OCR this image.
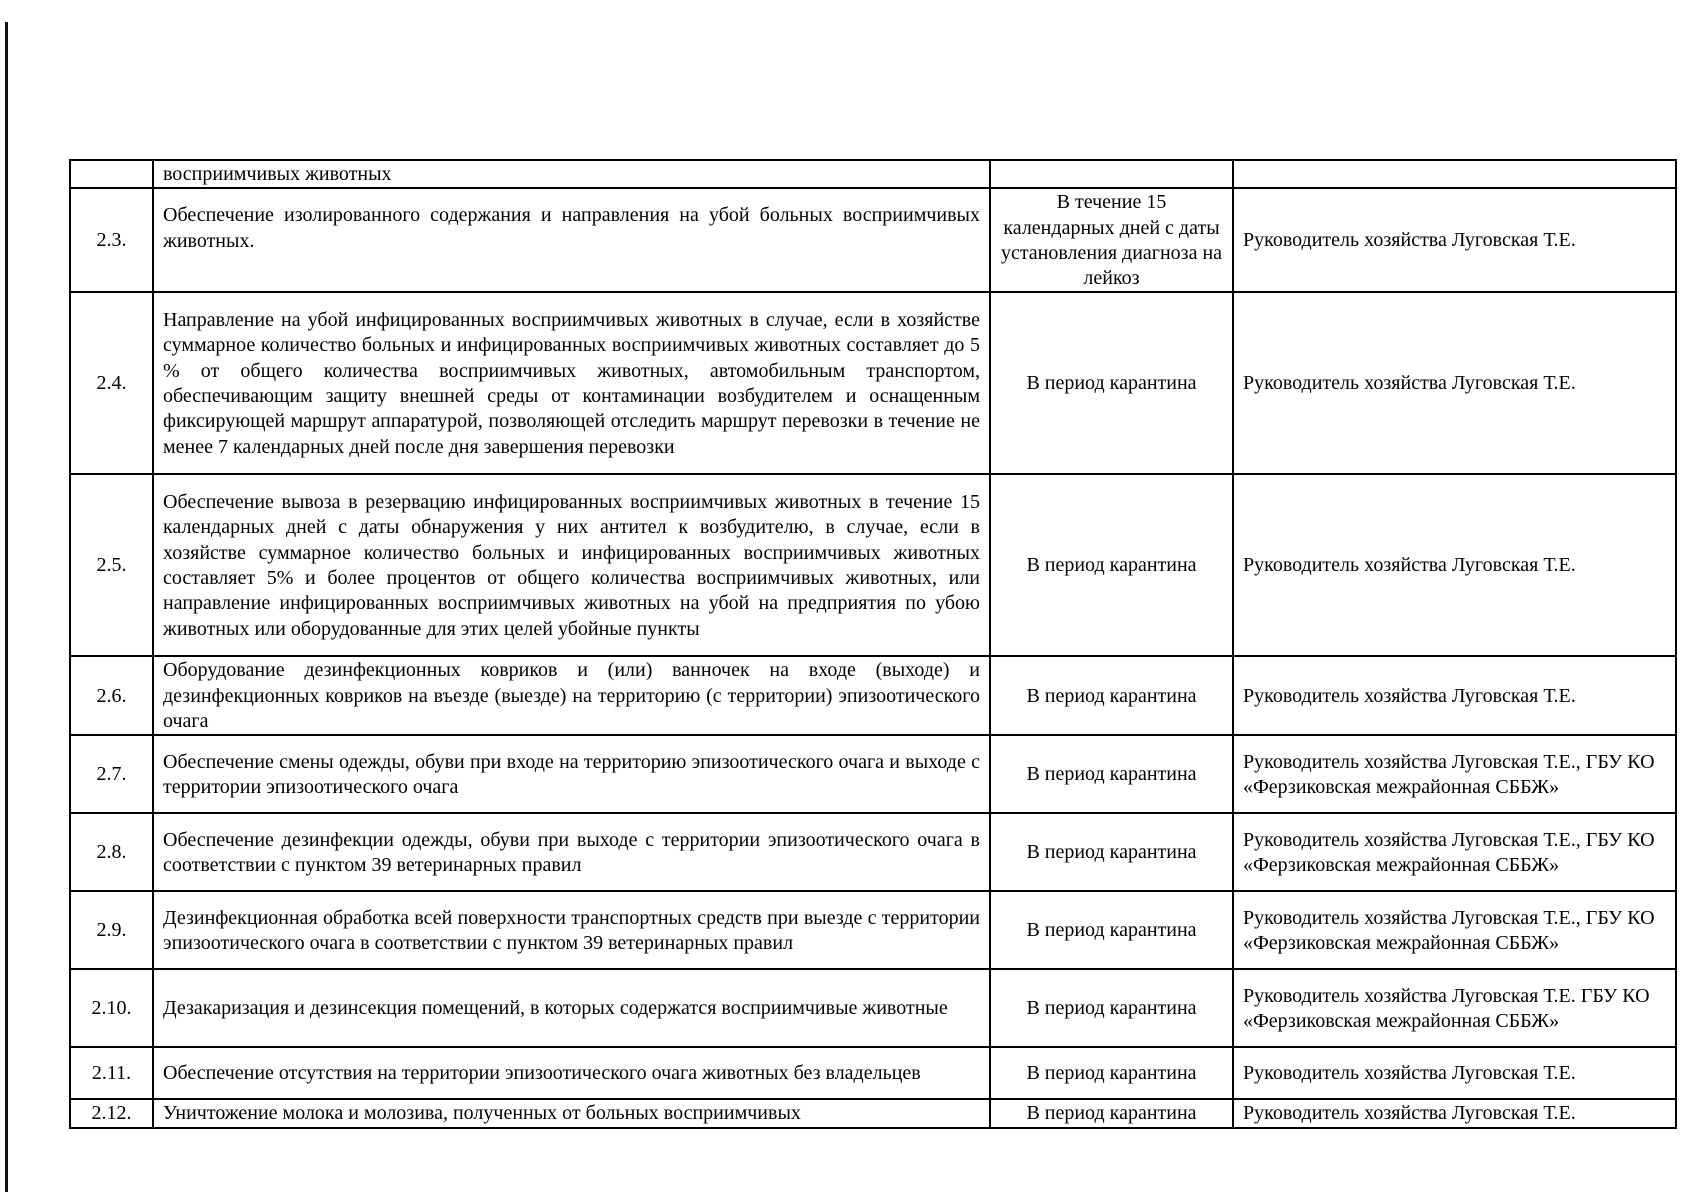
	восприимчивых животных		
2.3.	Обеспечение изолированного содержания и направления на убой больных восприимчивых животных.	В течение 15 календарных дней с даты установления диагноза на лейкоз	Руководитель хозяйства Луговская Т.Е.
2.4.	Направление на убой инфицированных восприимчивых животных в случае, если в хозяйстве суммарное количество больных и инфицированных восприимчивых животных составляет до 5 % от общего количества восприимчивых животных, автомобильным транспортом, обеспечивающим защиту внешней среды от контаминации возбудителем и оснащенным фиксирующей маршрут аппаратурой, позволяющей отследить маршрут перевозки в течение не менее 7 календарных дней после дня завершения перевозки	В период карантина	Руководитель хозяйства Луговская Т.Е.
2.5.	Обеспечение вывоза в резервацию инфицированных восприимчивых животных в течение 15 календарных дней с даты обнаружения у них антител к возбудителю, в случае, если в хозяйстве суммарное количество больных и инфицированных восприимчивых животных составляет 5% и более процентов от общего количества восприимчивых животных, или направление инфицированных восприимчивых животных на убой на предприятия по убою животных или оборудованные для этих целей убойные пункты	В период карантина	Руководитель хозяйства Луговская Т.Е.
2.6.	Оборудование дезинфекционных ковриков и (или) ванночек на входе (выходе) и дезинфекционных ковриков на въезде (выезде) на территорию (с территории) эпизоотического очага	В период карантина	Руководитель хозяйства Луговская Т.Е.
2.7.	Обеспечение смены одежды, обуви при входе на территорию эпизоотического очага и выходе с территории эпизоотического очага	В период карантина	Руководитель хозяйства Луговская Т.Е., ГБУ КО «Ферзиковская межрайонная СББЖ»
2.8.	Обеспечение дезинфекции одежды, обуви при выходе с территории эпизоотического очага в соответствии с пунктом 39 ветеринарных правил	В период карантина	Руководитель хозяйства Луговская Т.Е., ГБУ КО «Ферзиковская межрайонная СББЖ»
2.9.	Дезинфекционная обработка всей поверхности транспортных средств при выезде с территории эпизоотического очага в соответствии с пунктом 39 ветеринарных правил	В период карантина	Руководитель хозяйства Луговская Т.Е., ГБУ КО «Ферзиковская межрайонная СББЖ»
2.10.	Дезакаризация и дезинсекция помещений, в которых содержатся восприимчивые животные	В период карантина	Руководитель хозяйства Луговская Т.Е. ГБУ КО «Ферзиковская межрайонная СББЖ»
2.11.	Обеспечение отсутствия на территории эпизоотического очага животных без владельцев	В период карантина	Руководитель хозяйства Луговская Т.Е.
2.12.	Уничтожение молока и молозива, полученных от больных восприимчивых	В период карантина	Руководитель хозяйства Луговская Т.Е.
